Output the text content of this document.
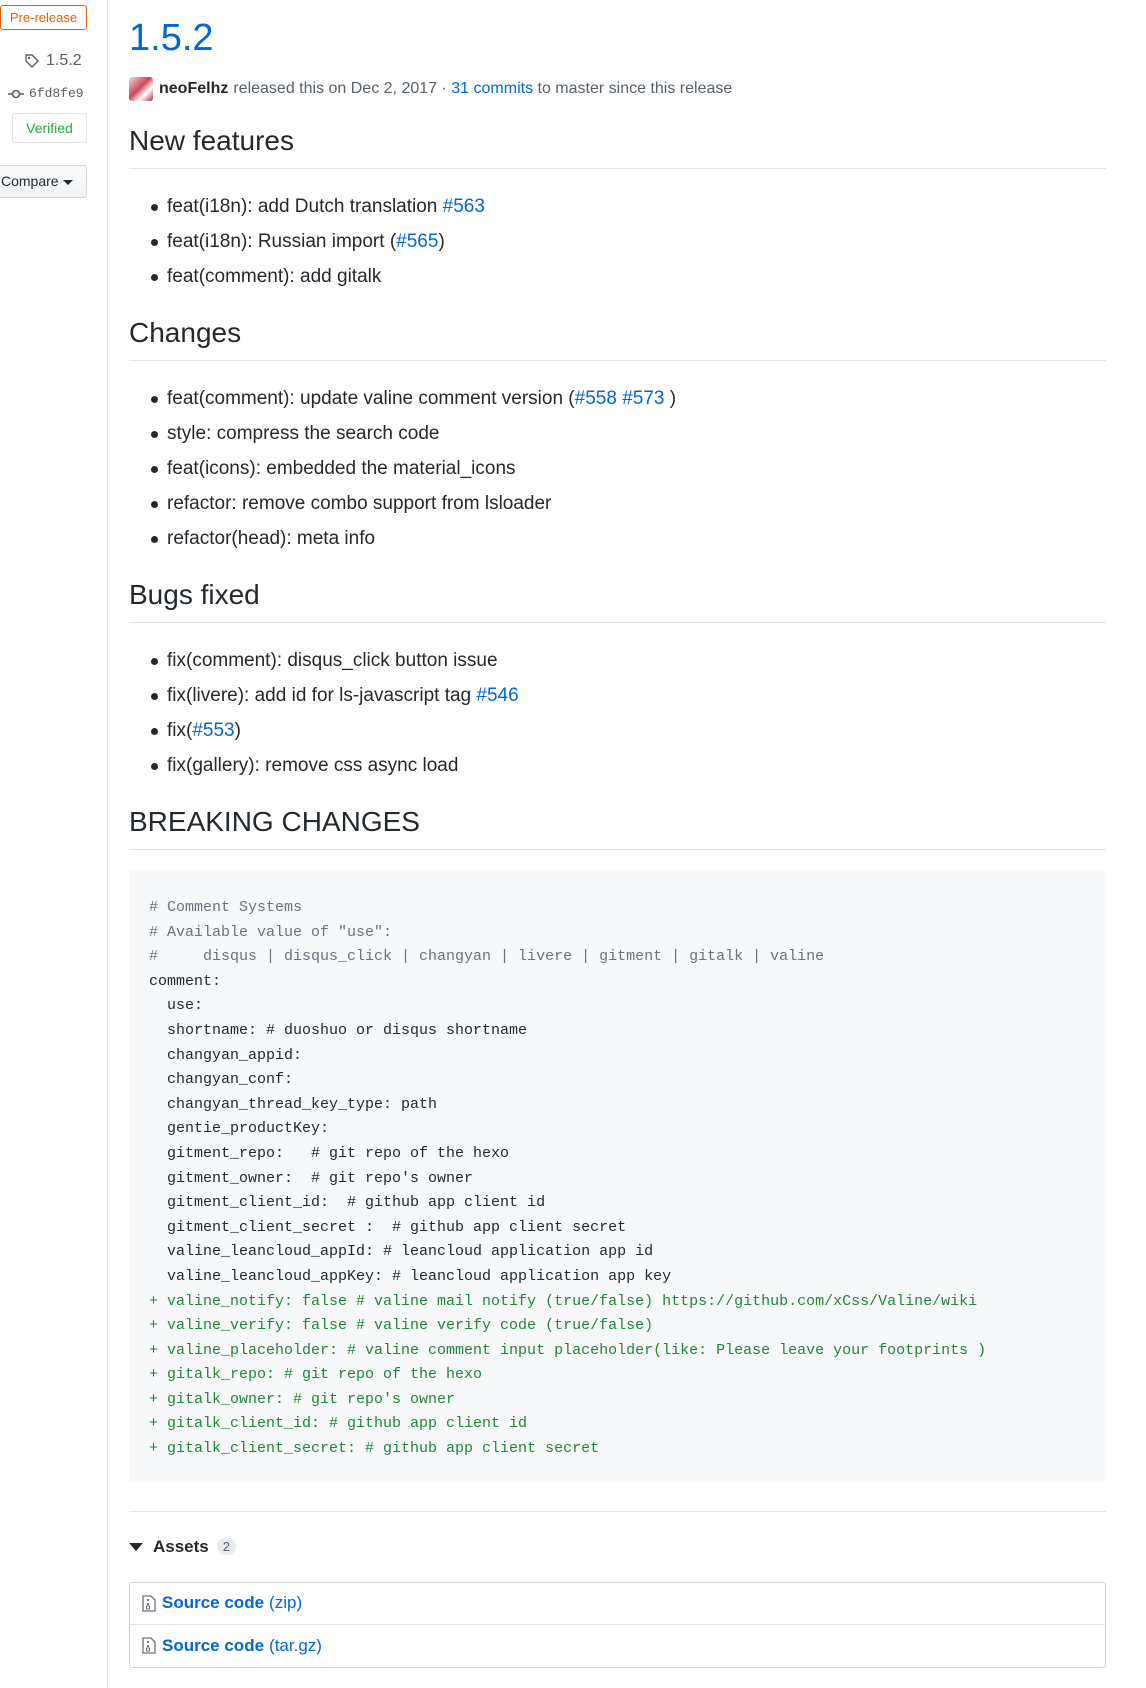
Pre-release
1.5.2
6fd8fe9
Verified
Compare
1.5.2
neoFelhz released this on Dec 2, 2017 ·
31 commits
to master since this release
New features
feat(i18n): add Dutch translation #563
feat(i18n): Russian import (#565)
feat(comment): add gitalk
Changes
feat(comment): update valine comment version (#558 #573 )
style: compress the search code
feat(icons): embedded the material_icons
refactor: remove combo support from lsloader
refactor(head): meta info
Bugs fixed
fix(comment): disqus_click button issue
fix(livere): add id for ls-javascript tag #546
fix(#553)
fix(gallery): remove css async load
BREAKING CHANGES
# Comment Systems
# Available value of "use":
#     disqus | disqus_click | changyan | livere | gitment | gitalk | valine
comment:
use:
shortname: # duoshuo or disqus shortname
changyan_appid:
changyan_conf:
changyan_thread_key_type: path
gentie_productKey:
gitment_repo:   # git repo of the hexo
gitment_owner:  # git repo's owner
gitment_client_id:  # github app client id
gitment_client_secret :  # github app client secret
valine_leancloud_appId: # leancloud application app id
valine_leancloud_appKey: # leancloud application app key
+ valine_notify: false # valine mail notify (true/false) https://github.com/xCss/Valine/wiki
+ valine_verify: false # valine verify code (true/false)
+ valine_placeholder: # valine comment input placeholder(like: Please leave your footprints )
+ gitalk_repo: # git repo of the hexo
+ gitalk_owner: # git repo's owner
+ gitalk_client_id: # github app client id
+ gitalk_client_secret: # github app client secret
Assets	2
Source code (zip)
Source code (tar.gz)
